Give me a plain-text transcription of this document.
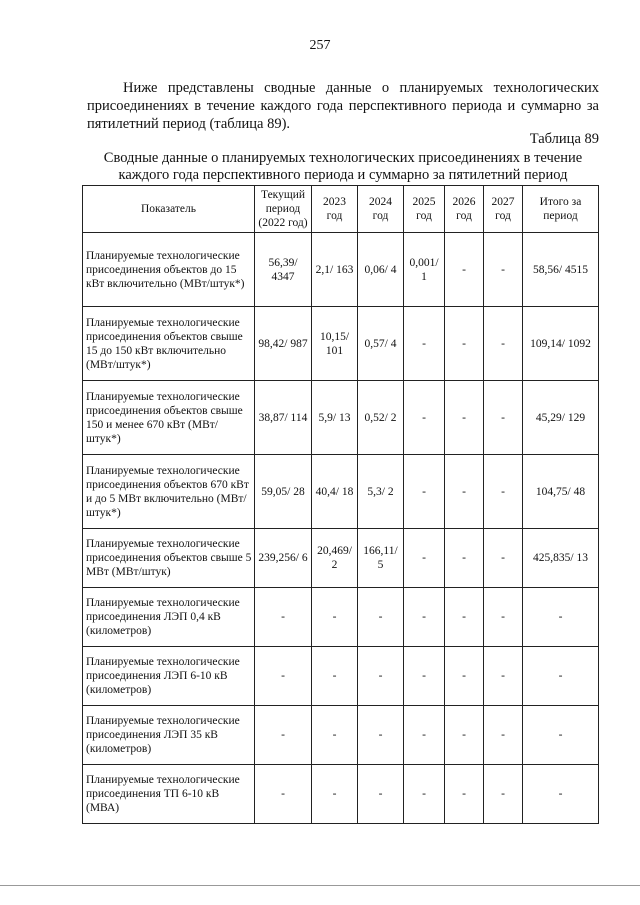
257

Ниже представлены сводные данные о планируемых технологических присоединениях в течение каждого года перспективного периода и суммарно за пятилетний период (таблица 89).

Таблица 89

Сводные данные о планируемых технологических присоединениях в течение каждого года перспективного периода и суммарно за пятилетний период

Показатель	Текущий период (2022 год)	2023 год	2024 год	2025 год	2026 год	2027 год	Итого за период
Планируемые технологические присоединения объектов до 15 кВт включительно (МВт/штук*)	56,39/ 4347	2,1/ 163	0,06/ 4	0,001/ 1	-	-	58,56/ 4515
Планируемые технологические присоединения объектов свыше 15 до 150 кВт включительно (МВт/штук*)	98,42/ 987	10,15/ 101	0,57/ 4	-	-	-	109,14/ 1092
Планируемые технологические присоединения объектов свыше 150 и менее 670 кВт (МВт/штук*)	38,87/ 114	5,9/ 13	0,52/ 2	-	-	-	45,29/ 129
Планируемые технологические присоединения объектов 670 кВт и до 5 МВт включительно (МВт/штук*)	59,05/ 28	40,4/ 18	5,3/ 2	-	-	-	104,75/ 48
Планируемые технологические присоединения объектов свыше 5 МВт (МВт/штук)	239,256/ 6	20,469/ 2	166,11/ 5	-	-	-	425,835/ 13
Планируемые технологические присоединения ЛЭП 0,4 кВ (километров)	-	-	-	-	-	-	-
Планируемые технологические присоединения ЛЭП 6-10 кВ (километров)	-	-	-	-	-	-	-
Планируемые технологические присоединения ЛЭП 35 кВ (километров)	-	-	-	-	-	-	-
Планируемые технологические присоединения ТП 6-10 кВ (МВА)	-	-	-	-	-	-	-
